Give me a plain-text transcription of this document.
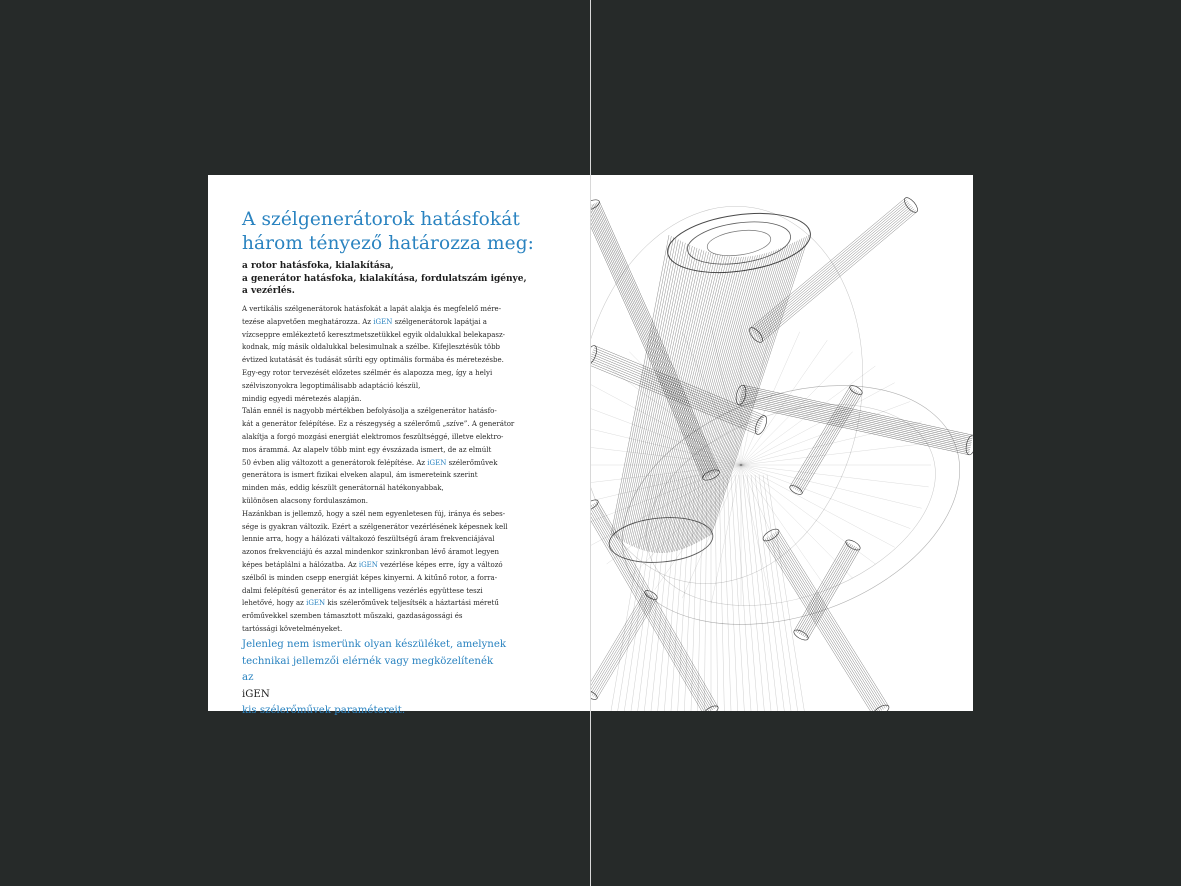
A szélgenerátorok hatásfokát
három tényező határozza meg:
a rotor hatásfoka, kialakítása,
a generátor hatásfoka, kialakítása, fordulatszám igénye,
a vezérlés.
A vertikális szélgenerátorok hatásfokát a lapát alakja és megfelelő mére-
tezése alapvetően meghatározza. Az iGEN szélgenerátorok lapátjai a
vízcseppre emlékeztető keresztmetszetükkel egyik oldalukkal belekapasz-
kodnak, míg másik oldalukkal belesimulnak a szélbe. Kifejlesztésük több
évtized kutatását és tudását sűríti egy optimális formába és méretezésbe.
Egy-egy rotor tervezését előzetes szélmér és alapozza meg, így a helyi
szélviszonyokra legoptimálisabb adaptáció készül,
mindig egyedi méretezés alapján.
Talán ennél is nagyobb mértékben befolyásolja a szélgenerátor hatásfo-
kát a generátor felépítése. Ez a részegység a szélerőmű „szíve”. A generátor
alakítja a forgó mozgási energiát elektromos feszültséggé, illetve elektro-
mos árammá. Az alapelv több mint egy évszázada ismert, de az elmúlt
50 évben alig változott a generátorok felépítése. Az iGEN szélerőművek
generátora is ismert fizikai elveken alapul, ám ismereteink szerint
minden más, eddig készült generátornál hatékonyabbak,
különösen alacsony fordulaszámon.
Hazánkban is jellemző, hogy a szél nem egyenletesen fúj, iránya és sebes-
sége is gyakran változik. Ezért a szélgenerátor vezérlésének képesnek kell
lennie arra, hogy a hálózati váltakozó feszültségű áram frekvenciájával
azonos frekvenciájú és azzal mindenkor szinkronban lévő áramot legyen
képes betáplálni a hálózatba. Az iGEN vezérlése képes erre, így a változó
szélből is minden csepp energiát képes kinyerni. A kitűnő rotor, a forra-
dalmi felépítésű generátor és az intelligens vezérlés együttese teszi
lehetővé, hogy az iGEN kis szélerőművek teljesítsék a háztartási méretű
erőművekkel szemben támasztott műszaki, gazdaságossági és
tartóssági követelményeket.
Jelenleg nem ismerünk olyan készüléket, amelynek
technikai jellemzői elérnék vagy megközelítenék
az
iGEN
kis szélerőművek paramétereit.
